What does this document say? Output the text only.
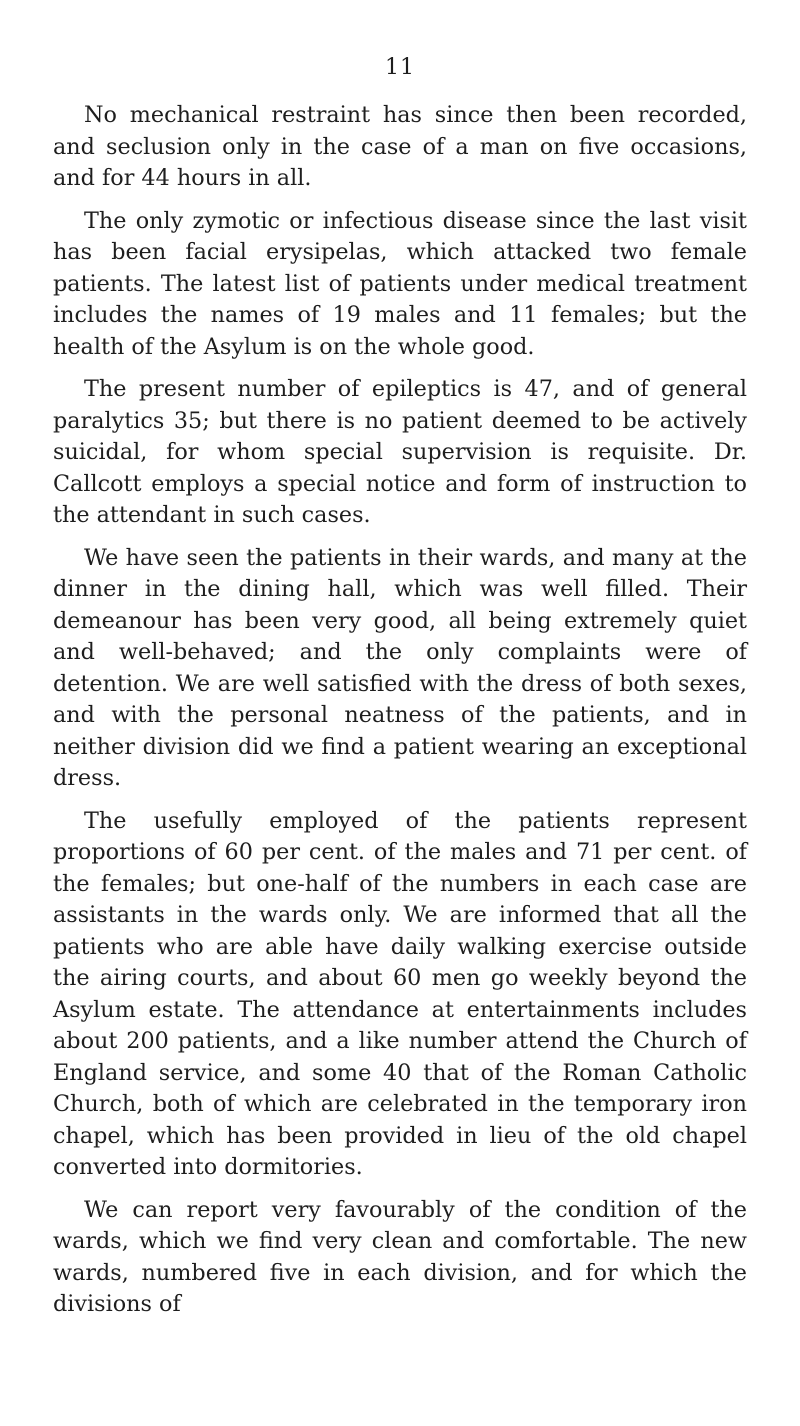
11

No mechanical restraint has since then been recorded, and seclusion only in the case of a man on five occasions, and for 44 hours in all.

The only zymotic or infectious disease since the last visit has been facial erysipelas, which attacked two female patients. The latest list of patients under medical treatment includes the names of 19 males and 11 females; but the health of the Asylum is on the whole good.

The present number of epileptics is 47, and of general paralytics 35; but there is no patient deemed to be actively suicidal, for whom special supervision is requisite. Dr. Callcott employs a special notice and form of instruction to the attendant in such cases.

We have seen the patients in their wards, and many at the dinner in the dining hall, which was well filled. Their demeanour has been very good, all being extremely quiet and well-behaved; and the only complaints were of detention. We are well satisfied with the dress of both sexes, and with the personal neatness of the patients, and in neither division did we find a patient wearing an exceptional dress.

The usefully employed of the patients represent proportions of 60 per cent. of the males and 71 per cent. of the females; but one-half of the numbers in each case are assistants in the wards only. We are informed that all the patients who are able have daily walking exercise outside the airing courts, and about 60 men go weekly beyond the Asylum estate. The attendance at entertainments includes about 200 patients, and a like number attend the Church of England service, and some 40 that of the Roman Catholic Church, both of which are celebrated in the temporary iron chapel, which has been provided in lieu of the old chapel converted into dormitories.

We can report very favourably of the condition of the wards, which we find very clean and comfortable. The new wards, numbered five in each division, and for which the divisions of
